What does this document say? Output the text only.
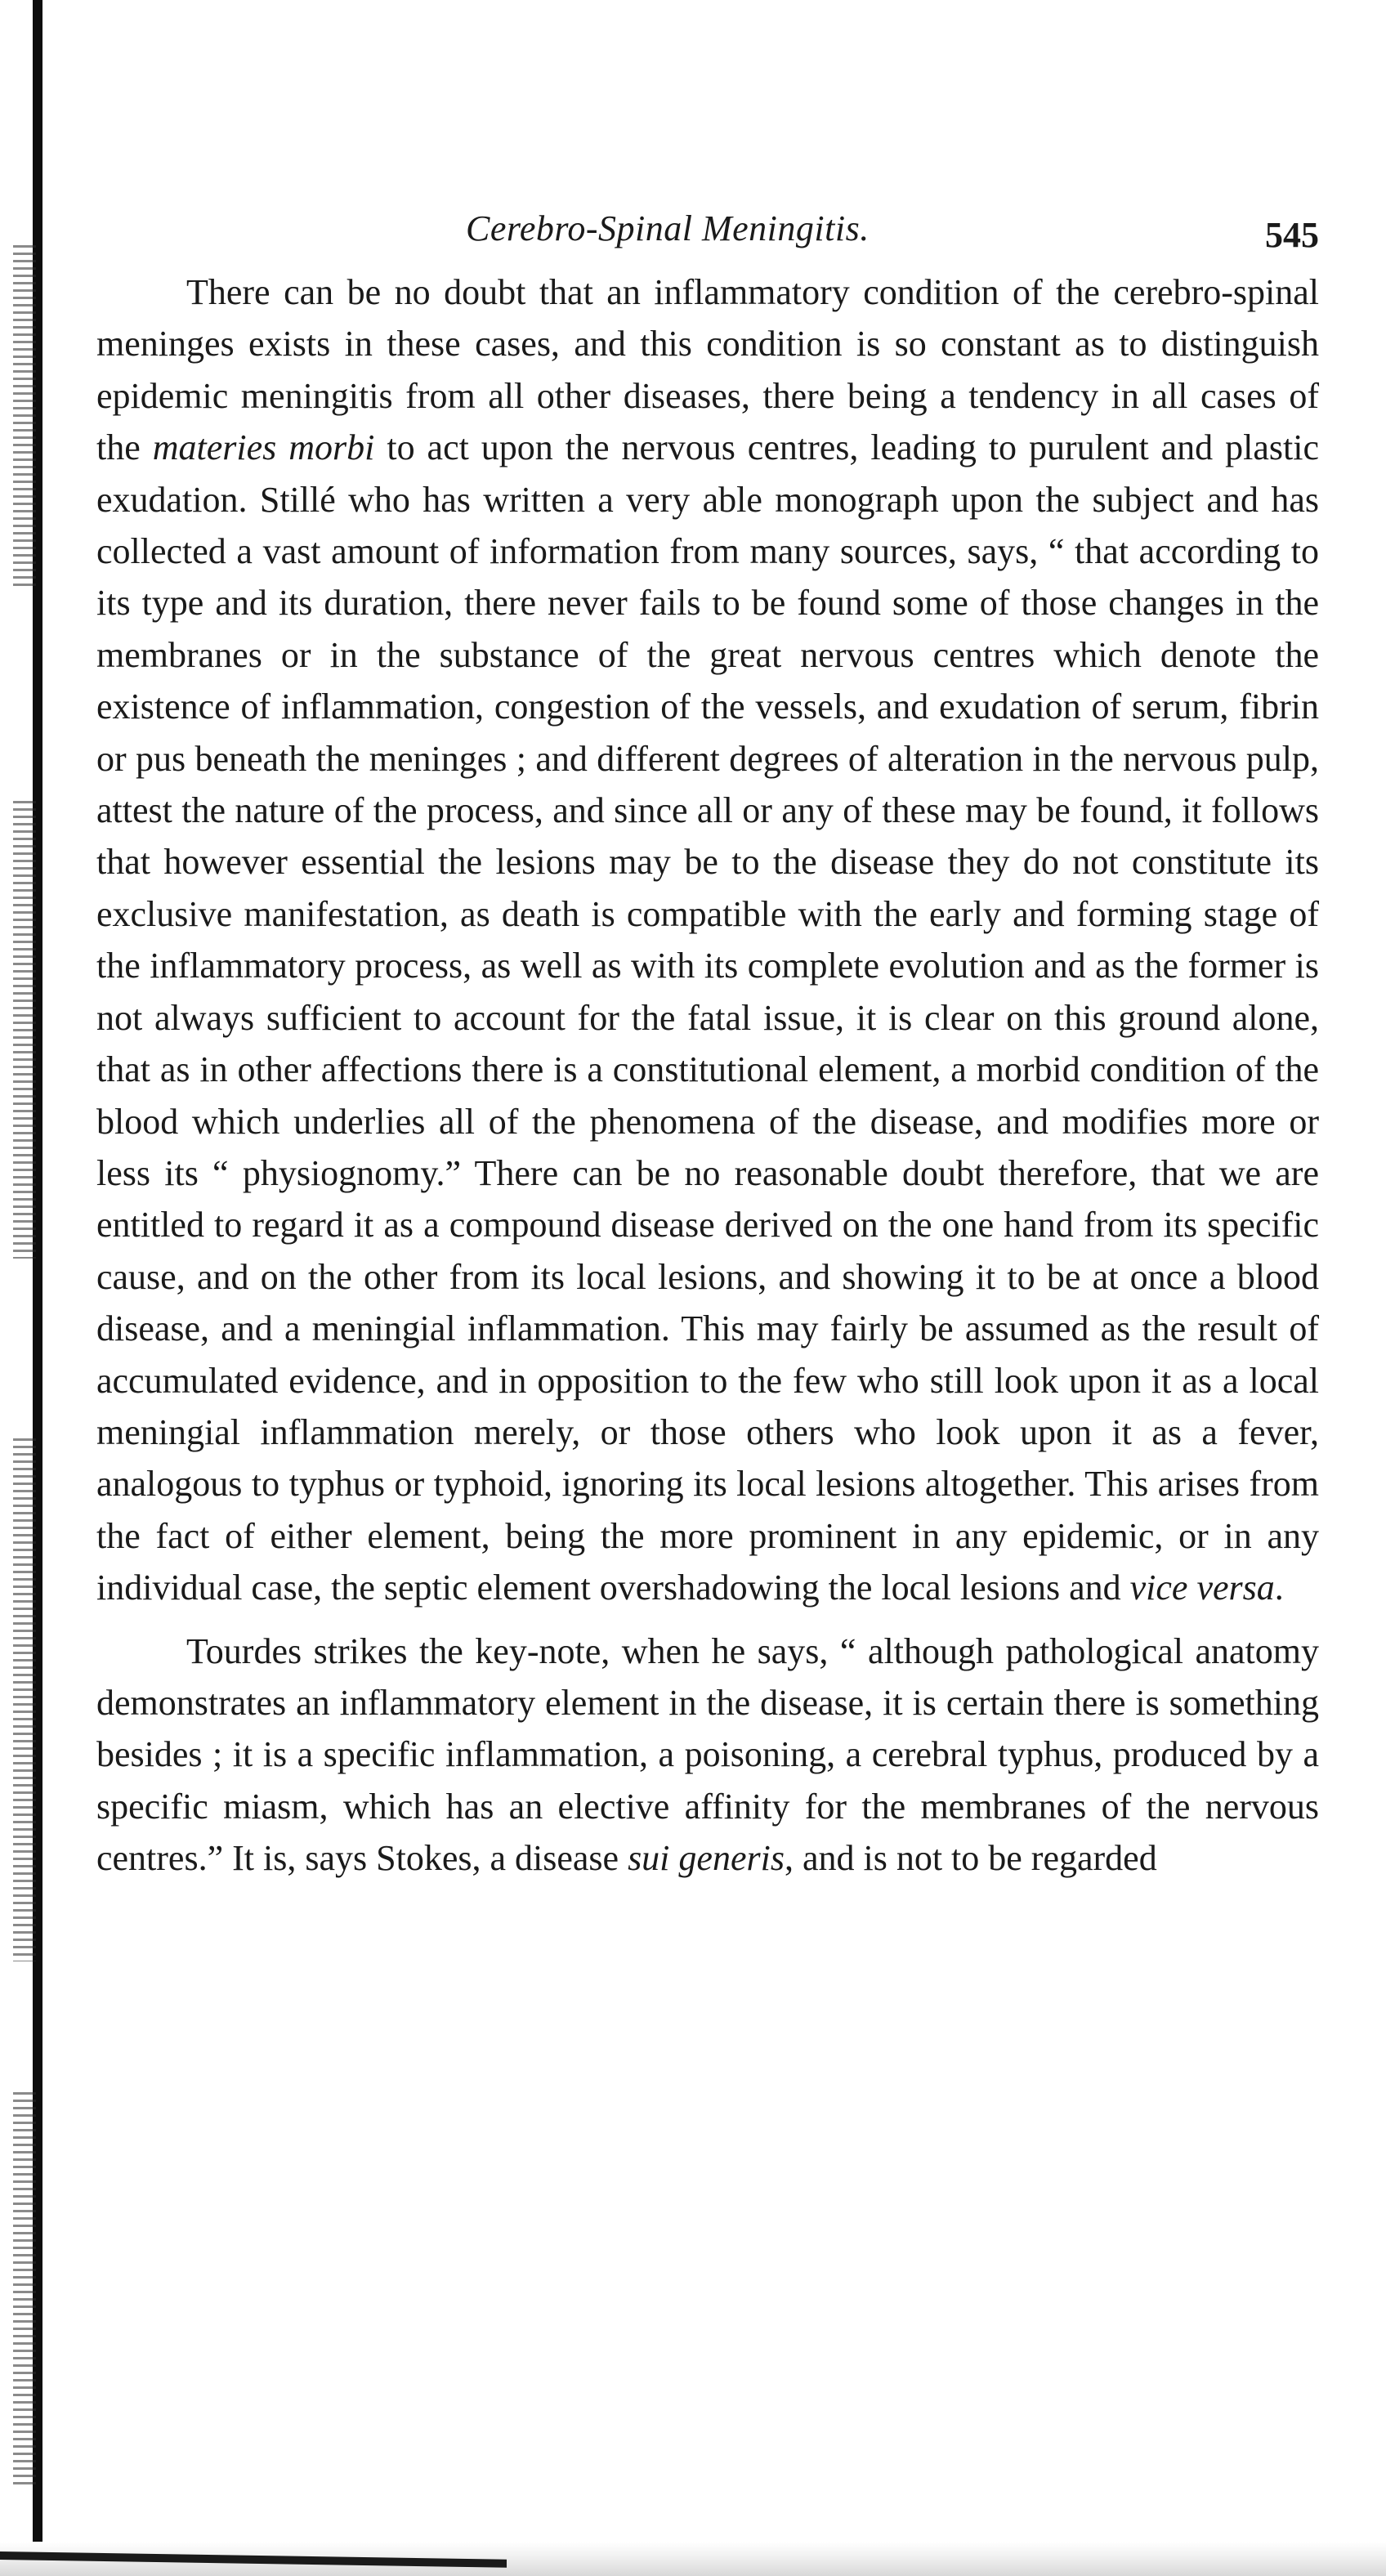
Cerebro-Spinal Meningitis.	545

There can be no doubt that an inflammatory condition of the cerebro-spinal meninges exists in these cases, and this condition is so constant as to distinguish epidemic meningitis from all other diseases, there being a tendency in all cases of the materies morbi to act upon the nervous centres, leading to purulent and plastic exudation. Stillé who has written a very able monograph upon the subject and has collected a vast amount of information from many sources, says, “ that according to its type and its duration, there never fails to be found some of those changes in the membranes or in the substance of the great nervous centres which denote the existence of inflammation, congestion of the vessels, and exudation of serum, fibrin or pus beneath the meninges ; and different degrees of alteration in the nervous pulp, attest the nature of the process, and since all or any of these may be found, it follows that however essential the lesions may be to the disease they do not constitute its exclusive manifestation, as death is compatible with the early and forming stage of the inflammatory process, as well as with its complete evolution and as the former is not always sufficient to account for the fatal issue, it is clear on this ground alone, that as in other affections there is a constitutional element, a morbid condition of the blood which underlies all of the phenomena of the disease, and modifies more or less its “ physiognomy.” There can be no reasonable doubt therefore, that we are entitled to regard it as a compound disease derived on the one hand from its specific cause, and on the other from its local lesions, and showing it to be at once a blood disease, and a meningial inflammation. This may fairly be assumed as the result of accumulated evidence, and in opposition to the few who still look upon it as a local meningial inflammation merely, or those others who look upon it as a fever, analogous to typhus or typhoid, ignoring its local lesions altogether. This arises from the fact of either element, being the more prominent in any epidemic, or in any individual case, the septic element overshadowing the local lesions and vice versa.

Tourdes strikes the key-note, when he says, “ although pathological anatomy demonstrates an inflammatory element in the disease, it is certain there is something besides ; it is a specific inflammation, a poisoning, a cerebral typhus, produced by a specific miasm, which has an elective affinity for the membranes of the nervous centres.” It is, says Stokes, a disease sui generis, and is not to be regarded
